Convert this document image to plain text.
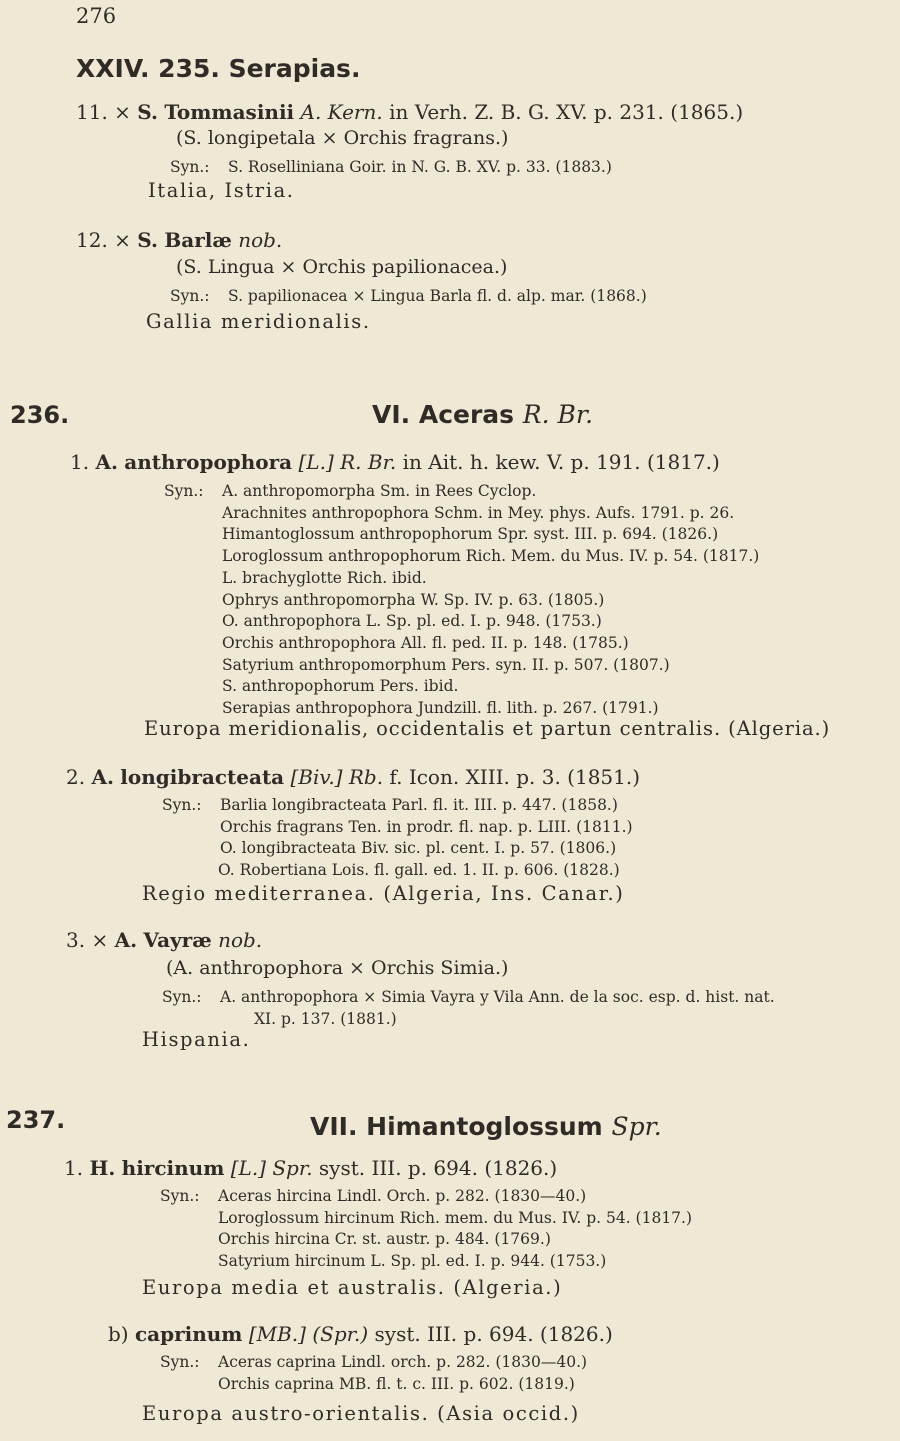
276
XXIV. 235. Serapias.
11. × S. Tommasinii A. Kern. in Verh. Z. B. G. XV. p. 231. (1865.)
(S. longipetala × Orchis fragrans.)
Syn.: S. Roselliniana Goir. in N. G. B. XV. p. 33. (1883.)
Italia, Istria.
12. × S. Barlæ nob.
(S. Lingua × Orchis papilionacea.)
Syn.: S. papilionacea × Lingua Barla fl. d. alp. mar. (1868.)
Gallia meridionalis.
236.	VI. Aceras R. Br.
1. A. anthropophora [L.] R. Br. in Ait. h. kew. V. p. 191. (1817.)
Syn.: A. anthropomorpha Sm. in Rees Cyclop.
Arachnites anthropophora Schm. in Mey. phys. Aufs. 1791. p. 26.
Himantoglossum anthropophorum Spr. syst. III. p. 694. (1826.)
Loroglossum anthropophorum Rich. Mem. du Mus. IV. p. 54. (1817.)
L. brachyglotte Rich. ibid.
Ophrys anthropomorpha W. Sp. IV. p. 63. (1805.)
O. anthropophora L. Sp. pl. ed. I. p. 948. (1753.)
Orchis anthropophora All. fl. ped. II. p. 148. (1785.)
Satyrium anthropomorphum Pers. syn. II. p. 507. (1807.)
S. anthropophorum Pers. ibid.
Serapias anthropophora Jundzill. fl. lith. p. 267. (1791.)
Europa meridionalis, occidentalis et partun centralis. (Algeria.)
2. A. longibracteata [Biv.] Rb. f. Icon. XIII. p. 3. (1851.)
Syn.: Barlia longibracteata Parl. fl. it. III. p. 447. (1858.)
Orchis fragrans Ten. in prodr. fl. nap. p. LIII. (1811.)
O. longibracteata Biv. sic. pl. cent. I. p. 57. (1806.)
O. Robertiana Lois. fl. gall. ed. 1. II. p. 606. (1828.)
Regio mediterranea. (Algeria, Ins. Canar.)
3. × A. Vayræ nob.
(A. anthropophora × Orchis Simia.)
Syn.: A. anthropophora × Simia Vayra y Vila Ann. de la soc. esp. d. hist. nat.
XI. p. 137. (1881.)
Hispania.
237.	VII. Himantoglossum Spr.
1. H. hircinum [L.] Spr. syst. III. p. 694. (1826.)
Syn.: Aceras hircina Lindl. Orch. p. 282. (1830—40.)
Loroglossum hircinum Rich. mem. du Mus. IV. p. 54. (1817.)
Orchis hircina Cr. st. austr. p. 484. (1769.)
Satyrium hircinum L. Sp. pl. ed. I. p. 944. (1753.)
Europa media et australis. (Algeria.)
b) caprinum [MB.] (Spr.) syst. III. p. 694. (1826.)
Syn.: Aceras caprina Lindl. orch. p. 282. (1830—40.)
Orchis caprina MB. fl. t. c. III. p. 602. (1819.)
Europa austro-orientalis. (Asia occid.)
